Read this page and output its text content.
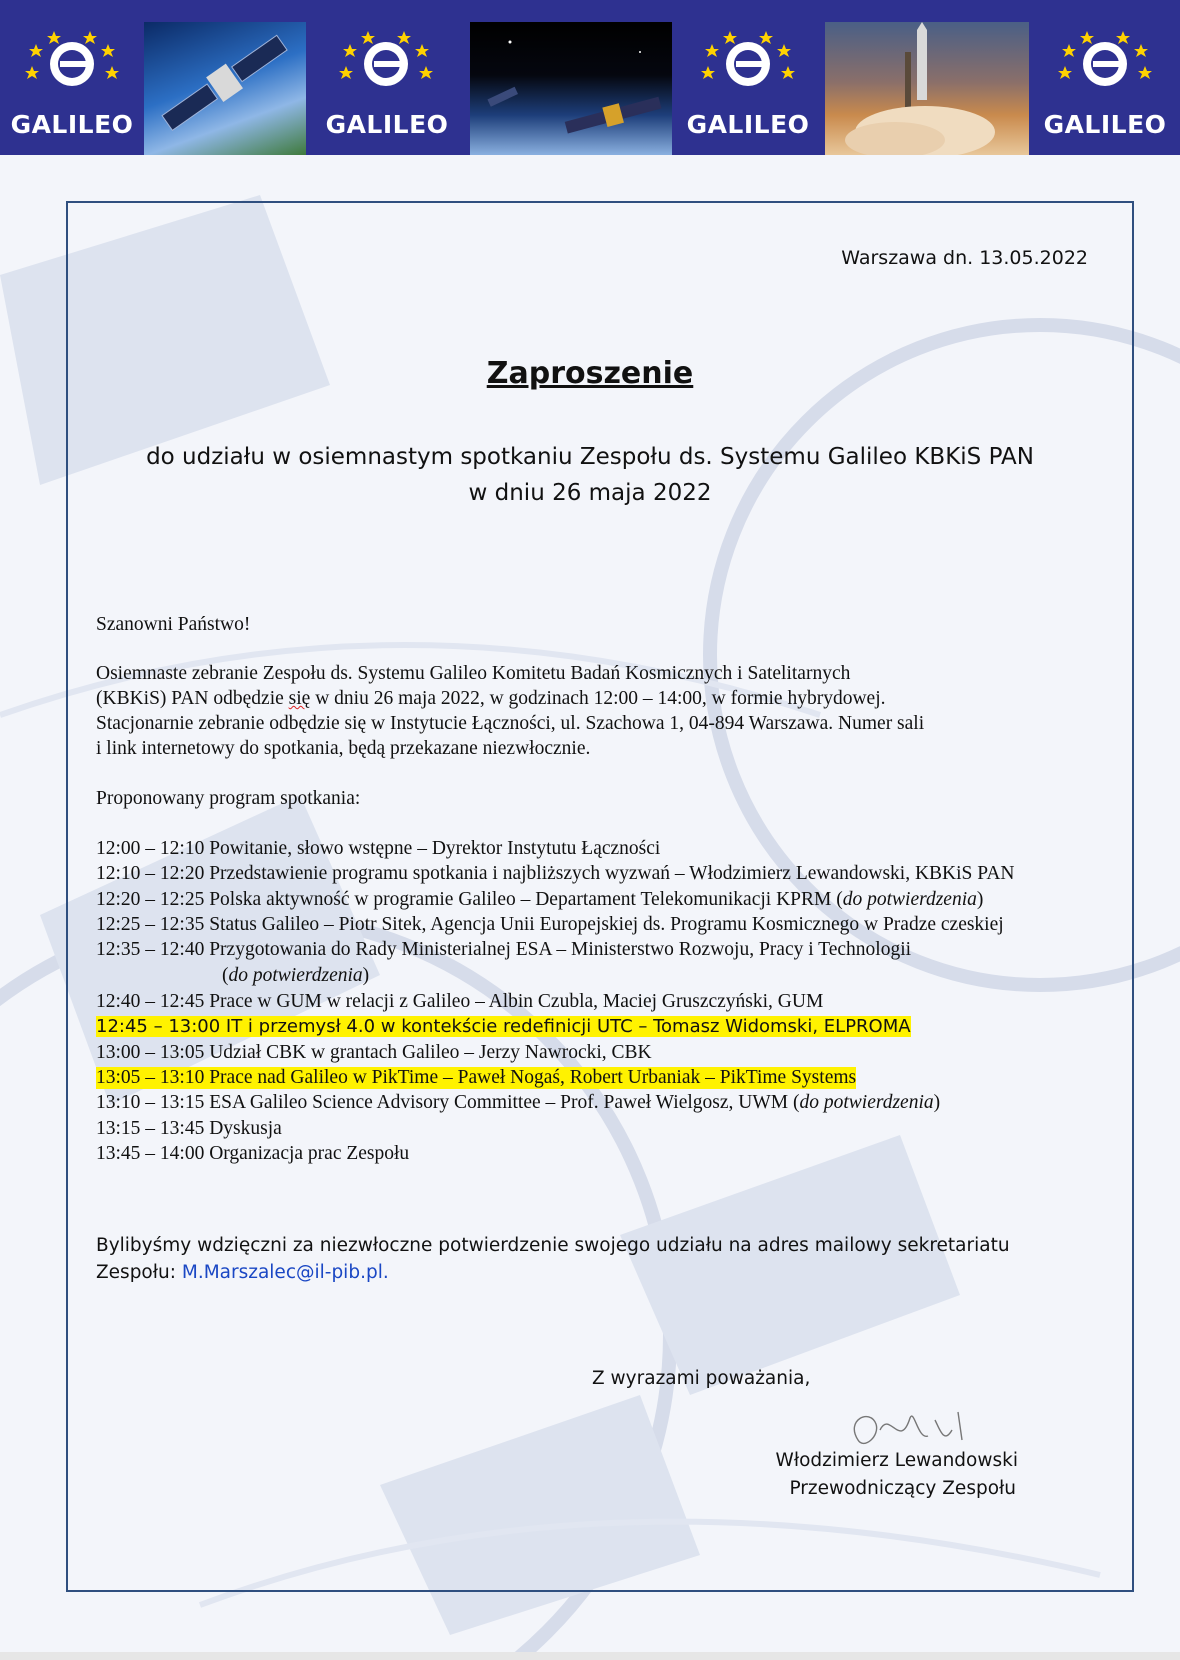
GALILEO	GALILEO	GALILEO	GALILEO
Warszawa dn. 13.05.2022
Zaproszenie
do udziału w osiemnastym spotkaniu Zespołu ds. Systemu Galileo KBKiS PAN
w dniu 26 maja 2022
Szanowni Państwo!
Osiemnaste zebranie Zespołu ds. Systemu Galileo Komitetu Badań Kosmicznych i Satelitarnych
(KBKiS) PAN odbędzie się w dniu 26 maja 2022, w godzinach 12:00 – 14:00, w formie hybrydowej.
Stacjonarnie zebranie odbędzie się w Instytucie Łączności, ul. Szachowa 1, 04-894 Warszawa. Numer sali
i link internetowy do spotkania, będą przekazane niezwłocznie.
Proponowany program spotkania:
12:00 – 12:10 Powitanie, słowo wstępne – Dyrektor Instytutu Łączności
12:10 – 12:20 Przedstawienie programu spotkania i najbliższych wyzwań – Włodzimierz Lewandowski, KBKiS PAN
12:20 – 12:25 Polska aktywność w programie Galileo – Departament Telekomunikacji KPRM (do potwierdzenia)
12:25 – 12:35 Status Galileo – Piotr Sitek, Agencja Unii Europejskiej ds. Programu Kosmicznego w Pradze czeskiej
12:35 – 12:40 Przygotowania do Rady Ministerialnej ESA – Ministerstwo Rozwoju, Pracy i Technologii
(do potwierdzenia)
12:40 – 12:45 Prace w GUM w relacji z Galileo – Albin Czubla, Maciej Gruszczyński, GUM
12:45 – 13:00 IT i przemysł 4.0 w kontekście redefinicji UTC – Tomasz Widomski, ELPROMA
13:00 – 13:05 Udział CBK w grantach Galileo – Jerzy Nawrocki, CBK
13:05 – 13:10 Prace nad Galileo w PikTime – Paweł Nogaś, Robert Urbaniak – PikTime Systems
13:10 – 13:15 ESA Galileo Science Advisory Committee – Prof. Paweł Wielgosz, UWM (do potwierdzenia)
13:15 – 13:45 Dyskusja
13:45 – 14:00 Organizacja prac Zespołu
Bylibyśmy wdzięczni za niezwłoczne potwierdzenie swojego udziału na adres mailowy sekretariatu
Zespołu: M.Marszalec@il-pib.pl.
Z wyrazami poważania,
Włodzimierz Lewandowski
Przewodniczący Zespołu
